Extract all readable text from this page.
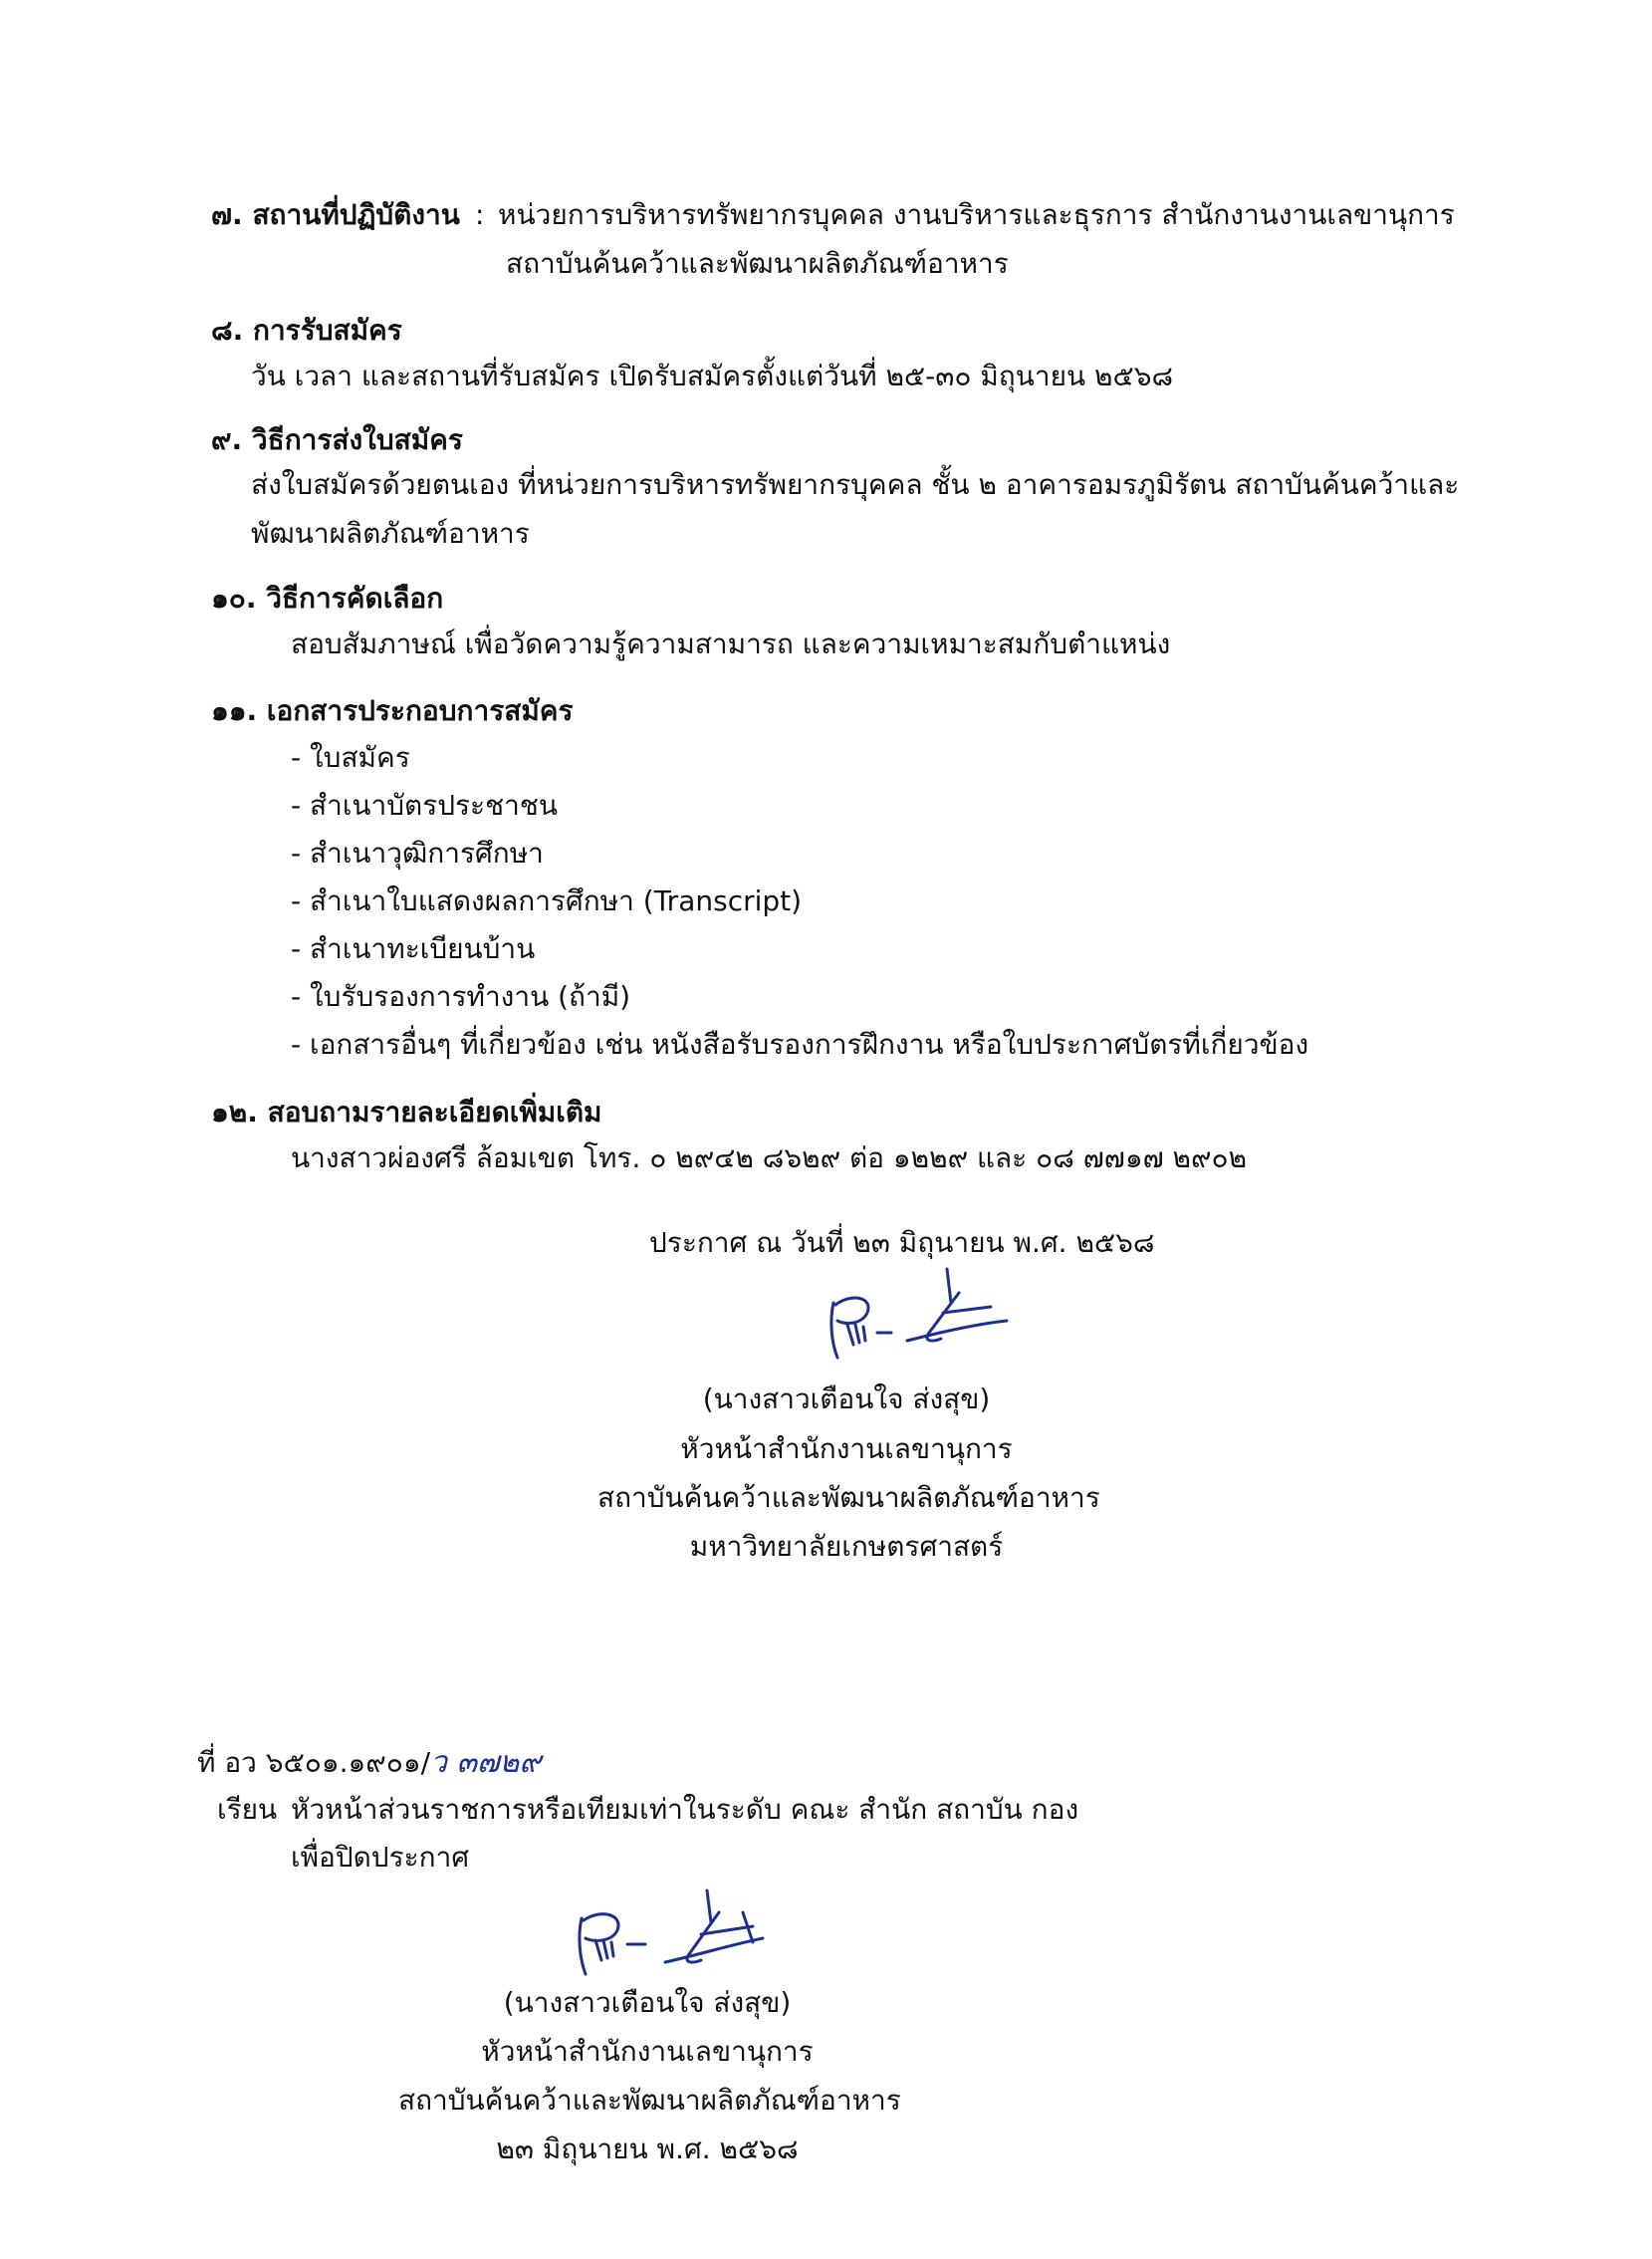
๗. สถานที่ปฏิบัติงาน : หน่วยการบริหารทรัพยากรบุคคล งานบริหารและธุรการ สำนักงานงานเลขานุการ
สถาบันค้นคว้าและพัฒนาผลิตภัณฑ์อาหาร
๘. การรับสมัคร
วัน เวลา และสถานที่รับสมัคร เปิดรับสมัครตั้งแต่วันที่ ๒๕-๓๐ มิถุนายน ๒๕๖๘
๙. วิธีการส่งใบสมัคร
ส่งใบสมัครด้วยตนเอง ที่หน่วยการบริหารทรัพยากรบุคคล ชั้น ๒ อาคารอมรภูมิรัตน สถาบันค้นคว้าและ
พัฒนาผลิตภัณฑ์อาหาร
๑๐. วิธีการคัดเลือก
สอบสัมภาษณ์ เพื่อวัดความรู้ความสามารถ และความเหมาะสมกับตำแหน่ง
๑๑. เอกสารประกอบการสมัคร
- ใบสมัคร
- สำเนาบัตรประชาชน
- สำเนาวุฒิการศึกษา
- สำเนาใบแสดงผลการศึกษา (Transcript)
- สำเนาทะเบียนบ้าน
- ใบรับรองการทำงาน (ถ้ามี)
- เอกสารอื่นๆ ที่เกี่ยวข้อง เช่น หนังสือรับรองการฝึกงาน หรือใบประกาศบัตรที่เกี่ยวข้อง
๑๒. สอบถามรายละเอียดเพิ่มเติม
นางสาวผ่องศรี ล้อมเขต โทร. ๐ ๒๙๔๒ ๘๖๒๙ ต่อ ๑๒๒๙ และ ๐๘ ๗๗๑๗ ๒๙๐๒
ประกาศ ณ วันที่ ๒๓ มิถุนายน พ.ศ. ๒๕๖๘
(นางสาวเตือนใจ ส่งสุข)
หัวหน้าสำนักงานเลขานุการ
สถาบันค้นคว้าและพัฒนาผลิตภัณฑ์อาหาร
มหาวิทยาลัยเกษตรศาสตร์
ที่ อว ๖๕๐๑.๑๙๐๑/ว ๓๗๒๙
เรียน หัวหน้าส่วนราชการหรือเทียมเท่าในระดับ คณะ สำนัก สถาบัน กอง
เพื่อปิดประกาศ
(นางสาวเตือนใจ ส่งสุข)
หัวหน้าสำนักงานเลขานุการ
สถาบันค้นคว้าและพัฒนาผลิตภัณฑ์อาหาร
๒๓ มิถุนายน พ.ศ. ๒๕๖๘
